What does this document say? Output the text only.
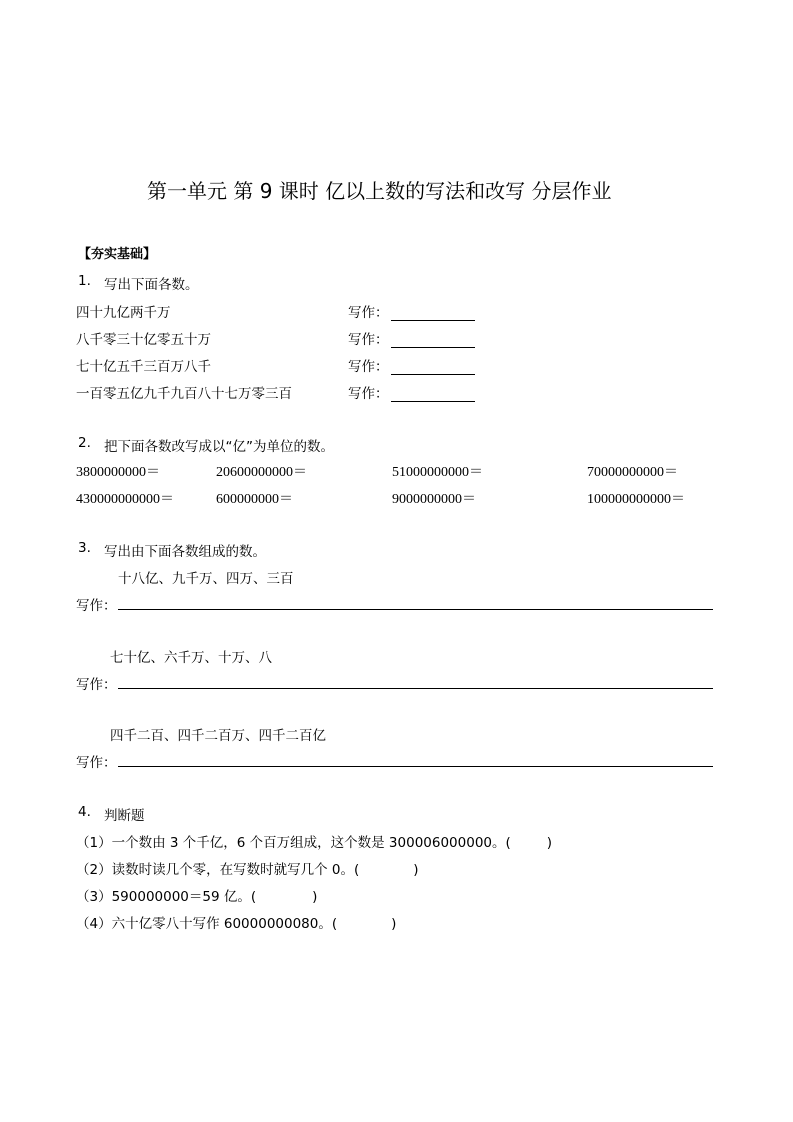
第一单元 第 9 课时 亿以上数的写法和改写 分层作业
【夯实基础】
1. 写出下面各数。
四十九亿两千万	写作：
八千零三十亿零五十万	写作：
七十亿五千三百万八千	写作：
一百零五亿九千九百八十七万零三百	写作：
2. 把下面各数改写成以“亿”为单位的数。
3800000000＝	20600000000＝	51000000000＝	70000000000＝
430000000000＝	600000000＝	9000000000＝	100000000000＝
3. 写出由下面各数组成的数。
十八亿、九千万、四万、三百
写作：
七十亿、六千万、十万、八
写作：
四千二百、四千二百万、四千二百亿
写作：
4. 判断题
（1）一个数由 3 个千亿，6 个百万组成，这个数是 300006000000。(	)
（2）读数时读几个零，在写数时就写几个 0。(	)
（3）590000000＝59 亿。(	)
（4）六十亿零八十写作 60000000080。(	)
